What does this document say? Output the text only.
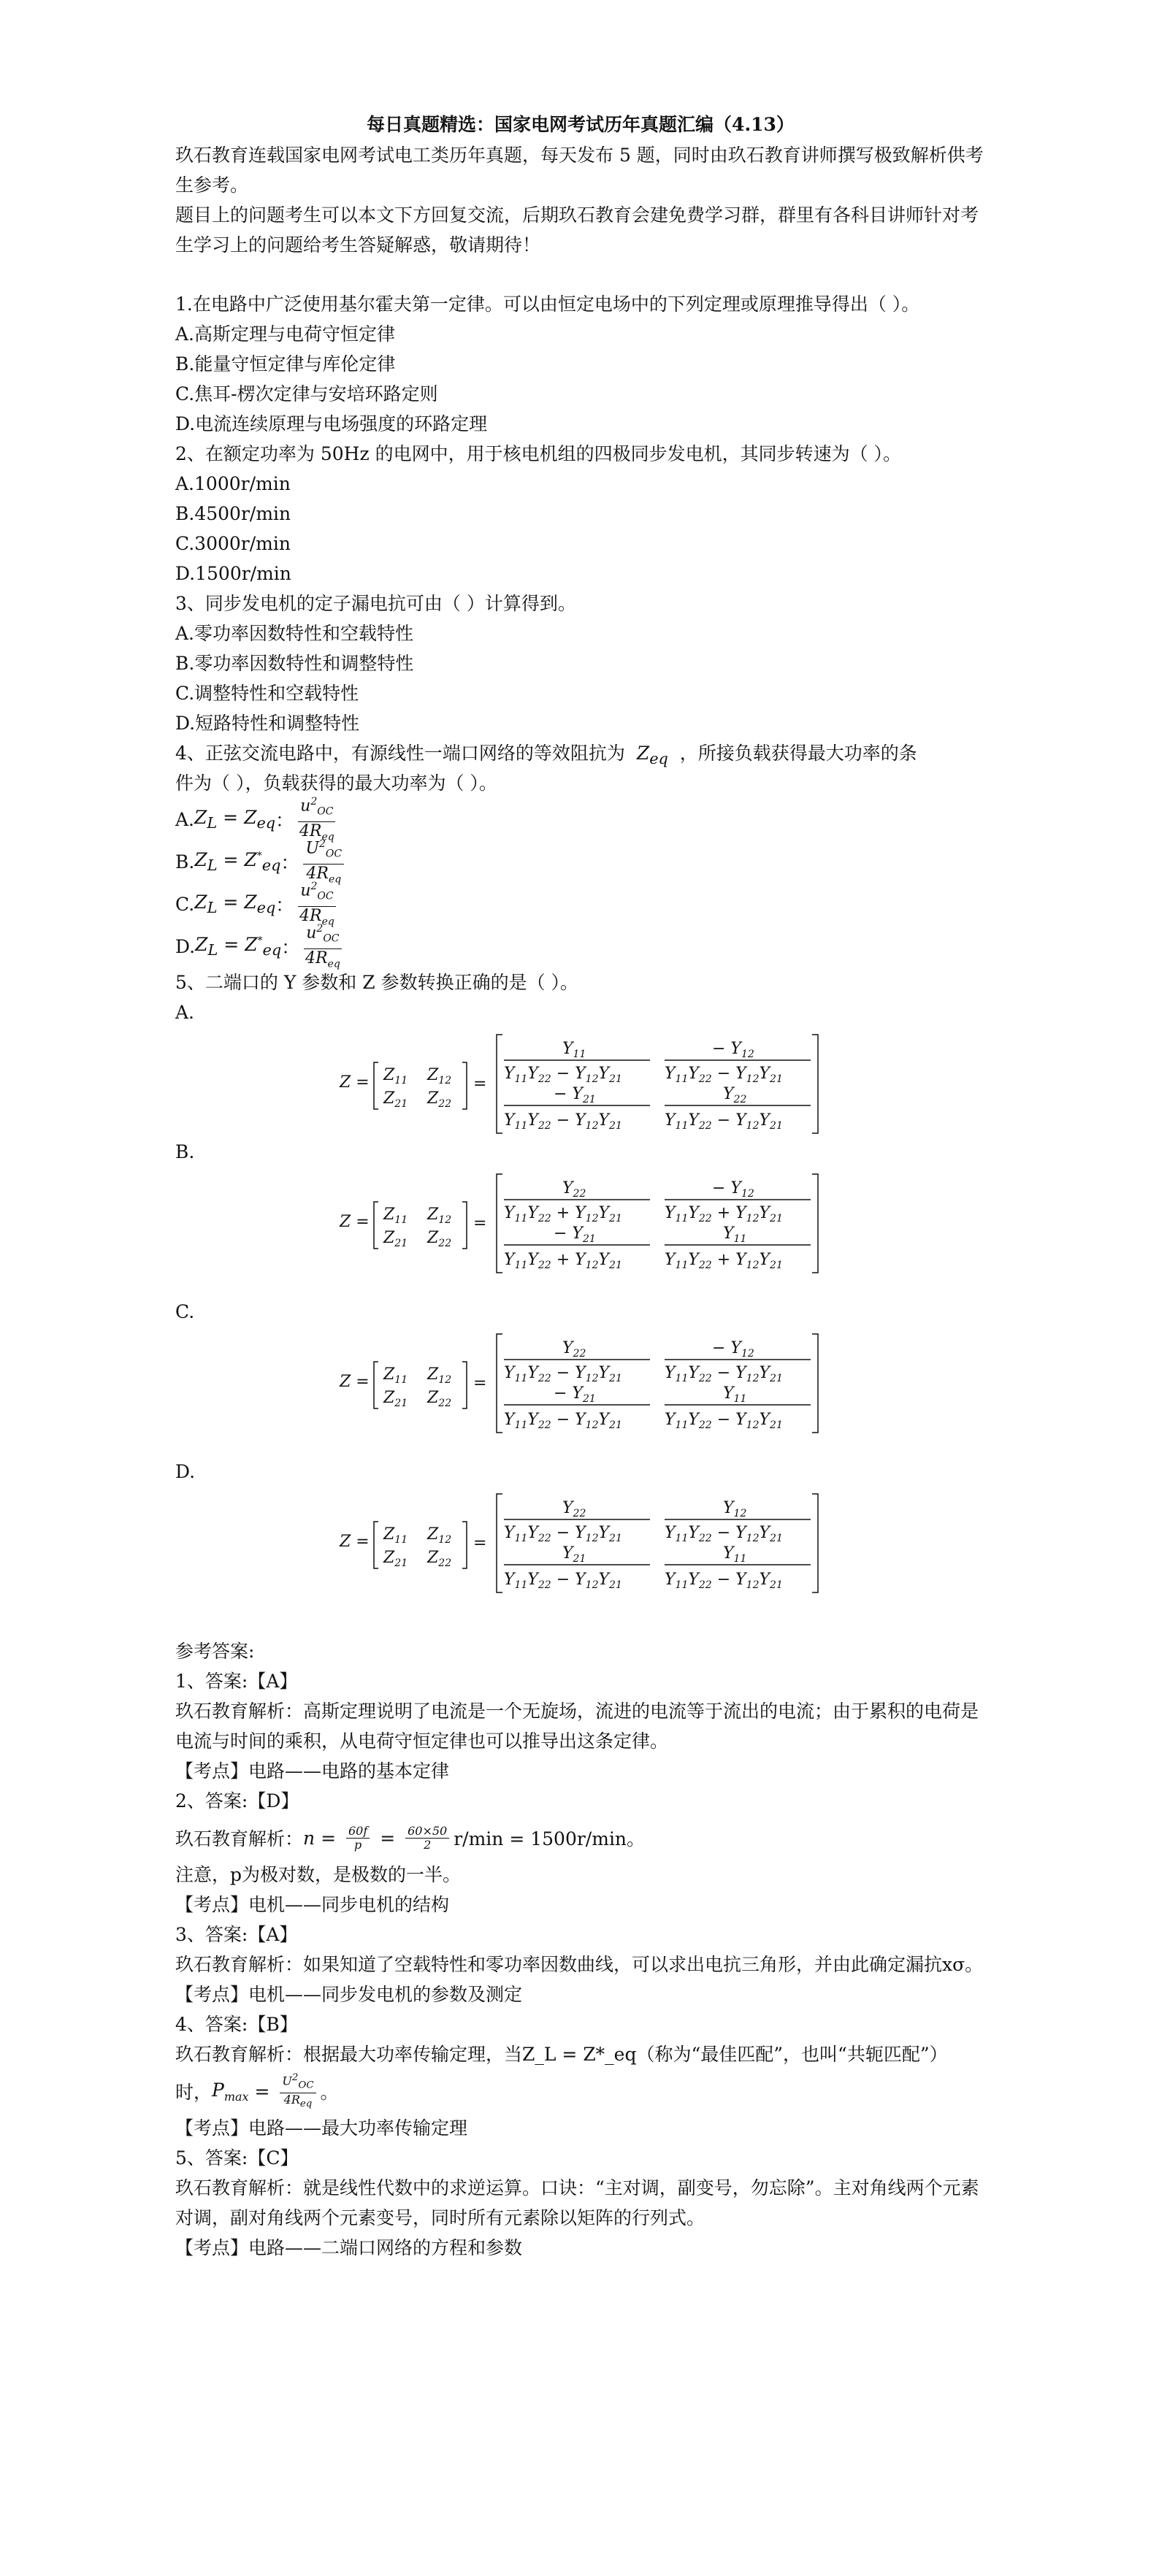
每日真题精选：国家电网考试历年真题汇编（4.13）

玖石教育连载国家电网考试电工类历年真题，每天发布 5 题，同时由玖石教育讲师撰写极致解析供考生参考。

题目上的问题考生可以本文下方回复交流，后期玖石教育会建免费学习群，群里有各科目讲师针对考生学习上的问题给考生答疑解惑，敬请期待！

1.在电路中广泛使用基尔霍夫第一定律。可以由恒定电场中的下列定理或原理推导得出（ ）。
A.高斯定理与电荷守恒定律
B.能量守恒定律与库伦定律
C.焦耳-楞次定律与安培环路定则
D.电流连续原理与电场强度的环路定理
2、在额定功率为 50Hz 的电网中，用于核电机组的四极同步发电机，其同步转速为（ ）。
A.1000r/min
B.4500r/min
C.3000r/min
D.1500r/min
3、同步发电机的定子漏电抗可由（ ）计算得到。
A.零功率因数特性和空载特性
B.零功率因数特性和调整特性
C.调整特性和空载特性
D.短路特性和调整特性
4、正弦交流电路中，有源线性一端口网络的等效阻抗为 $Z_{eq}$ ，所接负载获得最大功率的条
件为（ ），负载获得的最大功率为（ ）。
A. $Z_L = Z_{eq}$ ： $\frac{u^2_{OC}}{4R_{eq}}$
B. $Z_L = Z^*_{eq}$ ： $\frac{U^2_{OC}}{4R_{eq}}$
C. $Z_L = Z_{eq}$ ： $\frac{u^2_{OC}}{4R_{eq}}$
D. $Z_L = Z^*_{eq}$ ： $\frac{u^2_{OC}}{4R_{eq}}$
5、二端口的 Y 参数和 Z 参数转换正确的是（ ）。
A.
$Z = Z_{11}$ $Z_{12}$
$Z_{21}$ $Z_{22}$
=
$Y_{11}$
$Y_{11}Y_{22} - Y_{12}Y_{21}$
− $Y_{21}$
$Y_{11}Y_{22} - Y_{12}Y_{21}$
− $Y_{12}$
$Y_{11}Y_{22} - Y_{12}Y_{21}$
$Y_{22}$
$Y_{11}Y_{22} - Y_{12}Y_{21}$
B.
$Z = Z_{11}$ $Z_{12}$
$Z_{21}$ $Z_{22}$
=
$Y_{22}$
$Y_{11}Y_{22} + Y_{12}Y_{21}$
− $Y_{21}$
$Y_{11}Y_{22} + Y_{12}Y_{21}$
− $Y_{12}$
$Y_{11}Y_{22} + Y_{12}Y_{21}$
$Y_{11}$
$Y_{11}Y_{22} + Y_{12}Y_{21}$
C.
$Z = Z_{11}$ $Z_{12}$
$Z_{21}$ $Z_{22}$
=
$Y_{22}$
$Y_{11}Y_{22} - Y_{12}Y_{21}$
− $Y_{21}$
$Y_{11}Y_{22} - Y_{12}Y_{21}$
− $Y_{12}$
$Y_{11}Y_{22} - Y_{12}Y_{21}$
$Y_{11}$
$Y_{11}Y_{22} - Y_{12}Y_{21}$
D.
$Z = Z_{11}$ $Z_{12}$
$Z_{21}$ $Z_{22}$
=
$Y_{22}$
$Y_{11}Y_{22} - Y_{12}Y_{21}$
$Y_{21}$
$Y_{11}Y_{22} - Y_{12}Y_{21}$
$Y_{12}$
$Y_{11}Y_{22} - Y_{12}Y_{21}$
$Y_{11}$
$Y_{11}Y_{22} - Y_{12}Y_{21}$
参考答案:
1、答案:【A】

玖石教育解析：高斯定理说明了电流是一个无旋场，流进的电流等于流出的电流；由于累积的电荷是电流与时间的乘积，从电荷守恒定律也可以推导出这条定律。

【考点】电路——电路的基本定律
2、答案:【D】
玖石教育解析： $n = \frac{60f}{p} = \frac{60\times 50}{2} r/\min = 1500r/\min$。
注意，p为极对数，是极数的一半。
【考点】电机——同步电机的结构
3、答案:【A】

玖石教育解析：如果知道了空载特性和零功率因数曲线，可以求出电抗三角形，并由此确定漏抗xσ。

【考点】电机——同步发电机的参数及测定
4、答案:【B】
玖石教育解析：根据最大功率传输定理，当Z_L = Z*_eq（称为“最佳匹配”，也叫“共轭匹配”）
时， $P_{max} = \frac{U^2_{OC}}{4R_{eq}}$ 。
【考点】电路——最大功率传输定理
5、答案:【C】

玖石教育解析：就是线性代数中的求逆运算。口诀：“主对调，副变号，勿忘除”。主对角线两个元素对调，副对角线两个元素变号，同时所有元素除以矩阵的行列式。

【考点】电路——二端口网络的方程和参数
